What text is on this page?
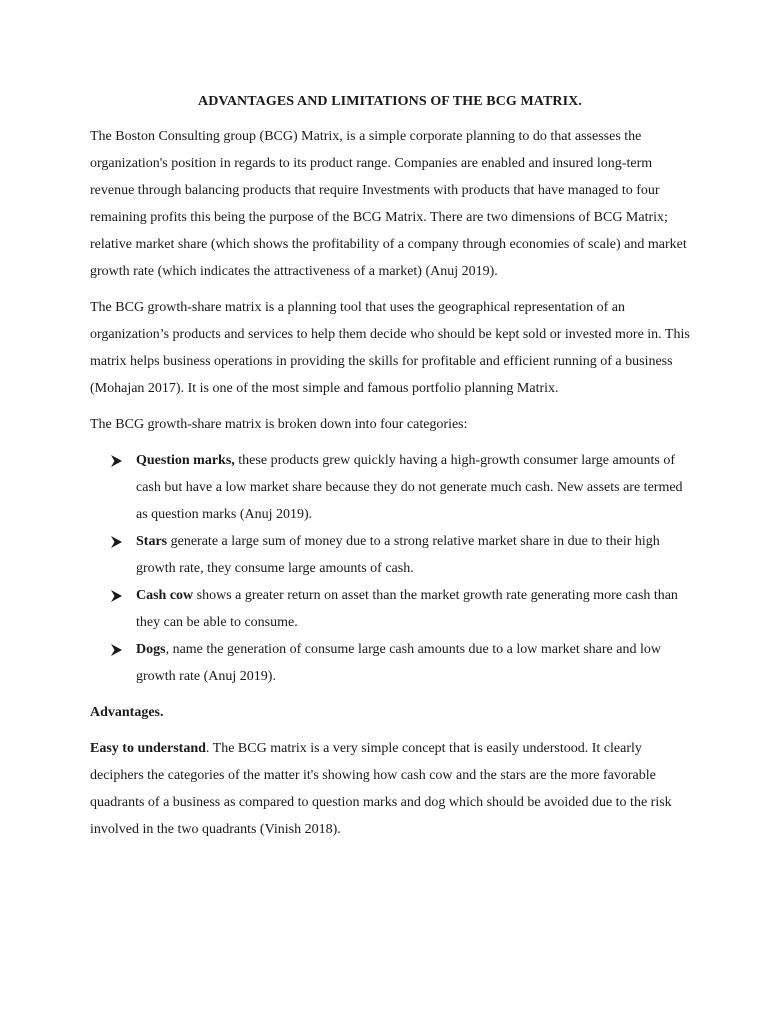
ADVANTAGES AND LIMITATIONS OF THE BCG MATRIX.

The Boston Consulting group (BCG) Matrix, is a simple corporate planning to do that assesses the organization's position in regards to its product range. Companies are enabled and insured long-term revenue through balancing products that require Investments with products that have managed to four remaining profits this being the purpose of the BCG Matrix. There are two dimensions of BCG Matrix; relative market share (which shows the profitability of a company through economies of scale) and market growth rate (which indicates the attractiveness of a market) (Anuj 2019).

The BCG growth-share matrix is a planning tool that uses the geographical representation of an organization’s products and services to help them decide who should be kept sold or invested more in. This matrix helps business operations in providing the skills for profitable and efficient running of a business (Mohajan 2017). It is one of the most simple and famous portfolio planning Matrix.

The BCG growth-share matrix is broken down into four categories:

Question marks, these products grew quickly having a high-growth consumer large amounts of cash but have a low market share because they do not generate much cash. New assets are termed as question marks (Anuj 2019).
Stars generate a large sum of money due to a strong relative market share in due to their high growth rate, they consume large amounts of cash.
Cash cow shows a greater return on asset than the market growth rate generating more cash than they can be able to consume.
Dogs, name the generation of consume large cash amounts due to a low market share and low growth rate (Anuj 2019).
Advantages.

Easy to understand. The BCG matrix is a very simple concept that is easily understood. It clearly deciphers the categories of the matter it's showing how cash cow and the stars are the more favorable quadrants of a business as compared to question marks and dog which should be avoided due to the risk involved in the two quadrants (Vinish 2018).
